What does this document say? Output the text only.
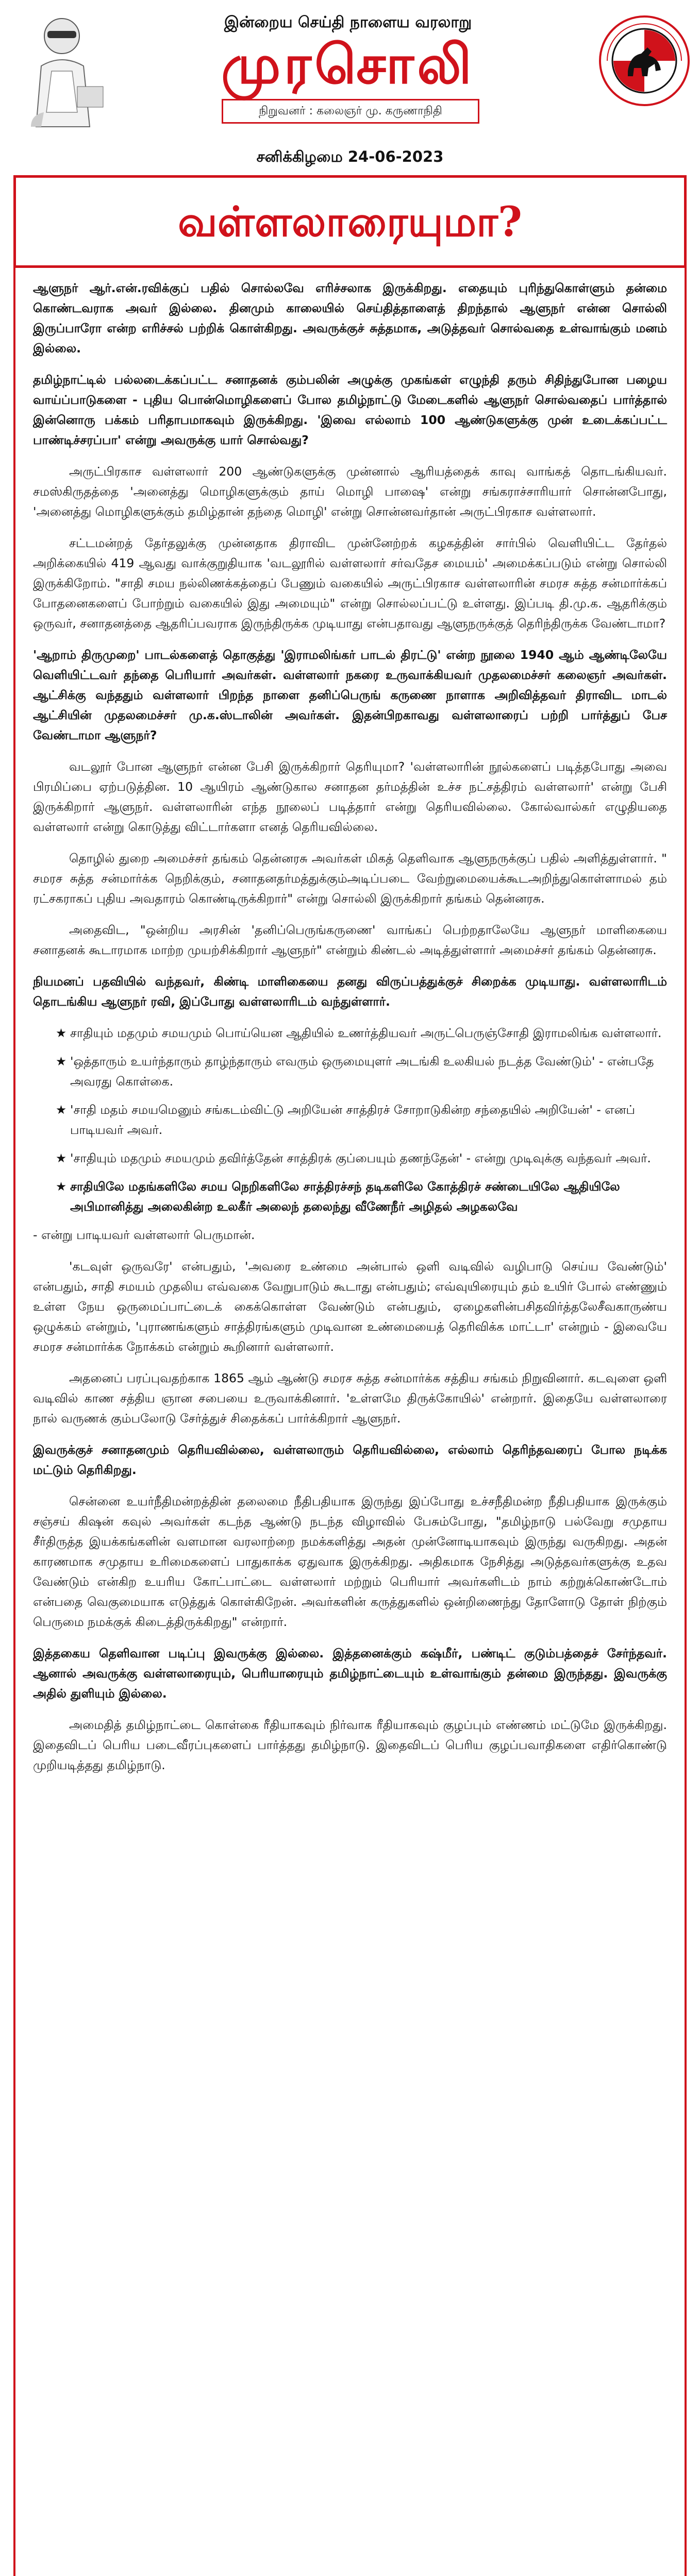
இன்றைய செய்தி நாளைய வரலாறு
முரசொலி
நிறுவனர் : கலைஞர் மு. கருணாநிதி
சனிக்கிழமை 24-06-2023
வள்ளலாரையுமா?

ஆளுநர் ஆர்.என்.ரவிக்குப் பதில் சொல்லவே எரிச்சலாக இருக்கிறது. எதையும் புரிந்துகொள்ளும் தன்மை கொண்டவராக அவர் இல்லை. தினமும் காலையில் செய்தித்தாளைத் திறந்தால் ஆளுநர் என்ன சொல்லி இருப்பாரோ என்ற எரிச்சல் பற்றிக் கொள்கிறது. அவருக்குச் சுத்தமாக, அடுத்தவர் சொல்வதை உள்வாங்கும் மனம் இல்லை.

தமிழ்நாட்டில் பல்லடைக்கப்பட்ட சனாதனக் கும்பலின் அழுக்கு முகங்கள் எழுந்தி தரும் சிதிந்துபோன பழைய வாய்ப்பாடுகளை - புதிய பொன்மொழிகளைப் போல தமிழ்நாட்டு மேடைகளில் ஆளுநர் சொல்வதைப் பார்த்தால் இன்னொரு பக்கம் பரிதாபமாகவும் இருக்கிறது. 'இவை எல்லாம் 100 ஆண்டுகளுக்கு முன் உடைக்கப்பட்ட பாண்டிச்சரப்பா' என்று அவருக்கு யார் சொல்வது?

அருட்பிரகாச வள்ளலார் 200 ஆண்டுகளுக்கு முன்னால் ஆரியத்தைக் காவு வாங்கத் தொடங்கியவர். சமஸ்கிருதத்தை 'அனைத்து மொழிகளுக்கும் தாய் மொழி பாஷை' என்று சங்கராச்சாரியார் சொன்னபோது, 'அனைத்து மொழிகளுக்கும் தமிழ்தான் தந்தை மொழி' என்று சொன்னவர்தான் அருட்பிரகாச வள்ளலார்.

சட்டமன்றத் தேர்தலுக்கு முன்னதாக திராவிட முன்னேற்றக் கழகத்தின் சார்பில் வெளியிட்ட தேர்தல் அறிக்கையில் 419 ஆவது வாக்குறுதியாக 'வடலூரில் வள்ளலார் சர்வதேச மையம்' அமைக்கப்படும் என்று சொல்லி இருக்கிறோம். "சாதி சமய நல்லிணக்கத்தைப் பேணும் வகையில் அருட்பிரகாச வள்ளலாரின் சமரச சுத்த சன்மார்க்கப் போதனைகளைப் போற்றும் வகையில் இது அமையும்" என்று சொல்லப்பட்டு உள்ளது. இப்படி தி.மு.க. ஆதரிக்கும் ஒருவர், சனாதனத்தை ஆதரிப்பவராக இருந்திருக்க முடியாது என்பதாவது ஆளுநருக்குத் தெரிந்திருக்க வேண்டாமா?

'ஆறாம் திருமுறை' பாடல்களைத் தொகுத்து 'இராமலிங்கர் பாடல் திரட்டு' என்ற நூலை 1940 ஆம் ஆண்டிலேயே வெளியிட்டவர் தந்தை பெரியார் அவர்கள். வள்ளலார் நகரை உருவாக்கியவர் முதலமைச்சர் கலைஞர் அவர்கள். ஆட்சிக்கு வந்ததும் வள்ளலார் பிறந்த நாளை தனிப்பெருங் கருணை நாளாக அறிவித்தவர் திராவிட மாடல் ஆட்சியின் முதலமைச்சர் மு.க.ஸ்டாலின் அவர்கள். இதன்பிறகாவது வள்ளலாரைப் பற்றி பார்த்துப் பேச வேண்டாமா ஆளுநர்?

வடலூர் போன ஆளுநர் என்ன பேசி இருக்கிறார் தெரியுமா? 'வள்ளலாரின் நூல்களைப் படித்தபோது அவை பிரமிப்பை ஏற்படுத்தின. 10 ஆயிரம் ஆண்டுகால சனாதன தர்மத்தின் உச்ச நட்சத்திரம் வள்ளலார்' என்று பேசி இருக்கிறார் ஆளுநர். வள்ளலாரின் எந்த நூலைப் படித்தார் என்று தெரியவில்லை. கோல்வால்கர் எழுதியதை வள்ளலார் என்று கொடுத்து விட்டார்களா எனத் தெரியவில்லை.

தொழில் துறை அமைச்சர் தங்கம் தென்னரசு அவர்கள் மிகத் தெளிவாக ஆளுநருக்குப் பதில் அளித்துள்ளார். " சமரச சுத்த சன்மார்க்க நெறிக்கும், சனாதனதர்மத்துக்கும்அடிப்படை வேற்றுமையைக்கூடஅறிந்துகொள்ளாமல் தம் ரட்சகராகப் புதிய அவதாரம் கொண்டிருக்கிறார்" என்று சொல்லி இருக்கிறார் தங்கம் தென்னரசு.

அதைவிட, "ஒன்றிய அரசின் 'தனிப்பெருங்கருணை' வாங்கப் பெற்றதாலேயே ஆளுநர் மாளிகையை சனாதனக் கூடாரமாக மாற்ற முயற்சிக்கிறார் ஆளுநர்" என்றும் கிண்டல் அடித்துள்ளார் அமைச்சர் தங்கம் தென்னரசு.

நியமனப் பதவியில் வந்தவர், கிண்டி மாளிகையை தனது விருப்பத்துக்குச் சிறைக்க முடியாது. வள்ளலாரிடம் தொடங்கிய ஆளுநர் ரவி, இப்போது வள்ளலாரிடம் வந்துள்ளார்.

★ சாதியும் மதமும் சமயமும் பொய்யென ஆதியில் உணர்த்தியவர் அருட்பெருஞ்சோதி இராமலிங்க வள்ளலார்.
★ 'ஒத்தாரும் உயர்ந்தாரும் தாழ்ந்தாரும் எவரும் ஒருமையுளர் அடங்கி உலகியல் நடத்த வேண்டும்' - என்பதே அவரது கொள்கை.
★ 'சாதி மதம் சமயமெனும் சங்கடம்விட்டு அறியேன் சாத்திரச் சோறாடுகின்ற சந்தையில் அறியேன்' - எனப் பாடியவர் அவர்.
★ 'சாதியும் மதமும் சமயமும் தவிர்த்தேன் சாத்திரக் குப்பையும் தணந்தேன்' - என்று முடிவுக்கு வந்தவர் அவர்.
★ சாதியிலே மதங்களிலே சமய நெறிகளிலே சாத்திரச்சந் தடிகளிலே கோத்திரச் சண்டையிலே ஆதியிலே அபிமானித்து அலைகின்ற உலகீர் அலைந் தலைந்து வீணேநீர் அழிதல் அழகலவே

- என்று பாடியவர் வள்ளலார் பெருமான்.

'கடவுள் ஒருவரே' என்பதும், 'அவரை உண்மை அன்பால் ஒளி வடிவில் வழிபாடு செய்ய வேண்டும்' என்பதும், சாதி சமயம் முதலிய எவ்வகை வேறுபாடும் கூடாது என்பதும்; எவ்வுயிரையும் தம் உயிர் போல் எண்ணும் உள்ள நேய ஒருமைப்பாட்டைக் கைக்கொள்ள வேண்டும் என்பதும், ஏழைகளின்பசிதவிர்த்தலேசீவகாருண்ய ஒழுக்கம் என்றும், 'புராணங்களும் சாத்திரங்களும் முடிவான உண்மையைத் தெரிவிக்க மாட்டா' என்றும் - இவையே சமரச சன்மார்க்க நோக்கம் என்றும் கூறினார் வள்ளலார்.

அதனைப் பரப்புவதற்காக 1865 ஆம் ஆண்டு சமரச சுத்த சன்மார்க்க சத்திய சங்கம் நிறுவினார். கடவுளை ஒளி வடிவில் காண சத்திய ஞான சபையை உருவாக்கினார். 'உள்ளமே திருக்கோயில்' என்றார். இதையே வள்ளலாரை நால் வருணக் கும்பலோடு சேர்த்துச் சிதைக்கப் பார்க்கிறார் ஆளுநர்.

இவருக்குச் சனாதனமும் தெரியவில்லை, வள்ளலாரும் தெரியவில்லை, எல்லாம் தெரிந்தவரைப் போல நடிக்க மட்டும் தெரிகிறது.

சென்னை உயர்நீதிமன்றத்தின் தலைமை நீதிபதியாக இருந்து இப்போது உச்சநீதிமன்ற நீதிபதியாக இருக்கும் சஞ்சய் கிஷன் கவுல் அவர்கள் கடந்த ஆண்டு நடந்த விழாவில் பேசும்போது, "தமிழ்நாடு பல்வேறு சமுதாய சீர்திருத்த இயக்கங்களின் வளமான வரலாற்றை நமக்களித்து அதன் முன்னோடியாகவும் இருந்து வருகிறது. அதன் காரணமாக சமுதாய உரிமைகளைப் பாதுகாக்க ஏதுவாக இருக்கிறது. அதிகமாக நேசித்து அடுத்தவர்களுக்கு உதவ வேண்டும் என்கிற உயரிய கோட்பாட்டை வள்ளலார் மற்றும் பெரியார் அவர்களிடம் நாம் கற்றுக்கொண்டோம் என்பதை வெகுமையாக எடுத்துக் கொள்கிறேன். அவர்களின் கருத்துகளில் ஒன்றிணைந்து தோளோடு தோள் நிற்கும் பெருமை நமக்குக் கிடைத்திருக்கிறது" என்றார்.

இத்தகைய தெளிவான படிப்பு இவருக்கு இல்லை. இத்தனைக்கும் கஷ்மீர், பண்டிட் குடும்பத்தைச் சேர்ந்தவர். ஆனால் அவருக்கு வள்ளலாரையும், பெரியாரையும் தமிழ்நாட்டையும் உள்வாங்கும் தன்மை இருந்தது. இவருக்கு அதில் துளியும் இல்லை.

அமைதித் தமிழ்நாட்டை கொள்கை ரீதியாகவும் நிர்வாக ரீதியாகவும் குழப்பும் எண்ணம் மட்டுமே இருக்கிறது. இதைவிடப் பெரிய படைவீரப்புகளைப் பார்த்தது தமிழ்நாடு. இதைவிடப் பெரிய குழப்பவாதிகளை எதிர்கொண்டு முறியடித்தது தமிழ்நாடு.
